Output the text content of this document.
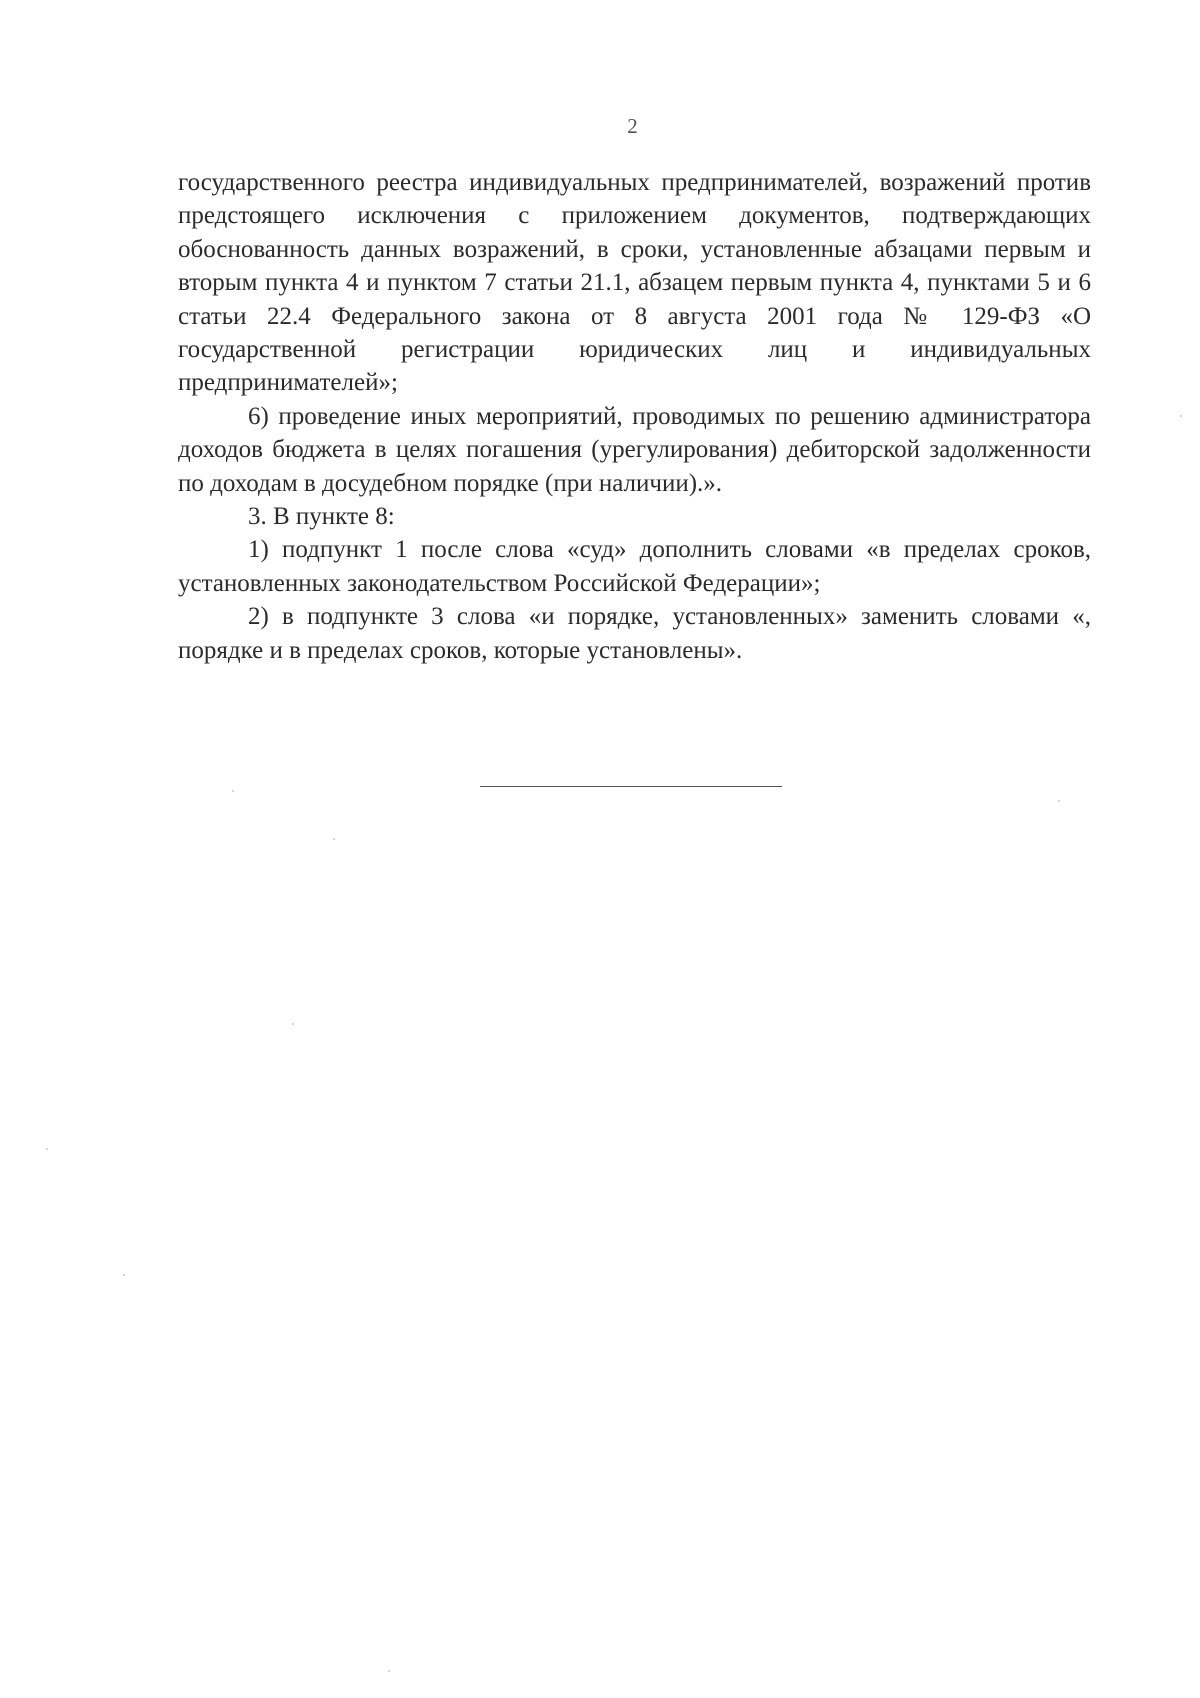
2

государственного реестра индивидуальных предпринимателей, возражений против предстоящего исключения с приложением документов, подтверждающих обоснованность данных возражений, в сроки, установленные абзацами первым и вторым пункта 4 и пунктом 7 статьи 21.1, абзацем первым пункта 4, пунктами 5 и 6 статьи 22.4 Федерального закона от 8 августа 2001 года № 129-ФЗ «О государственной регистрации юридических лиц и индивидуальных предпринимателей»;

6) проведение иных мероприятий, проводимых по решению администратора доходов бюджета в целях погашения (урегулирования) дебиторской задолженности по доходам в досудебном порядке (при наличии).».

3. В пункте 8:

1) подпункт 1 после слова «суд» дополнить словами «в пределах сроков, установленных законодательством Российской Федерации»;

2) в подпункте 3 слова «и порядке, установленных» заменить словами «, порядке и в пределах сроков, которые установлены».
